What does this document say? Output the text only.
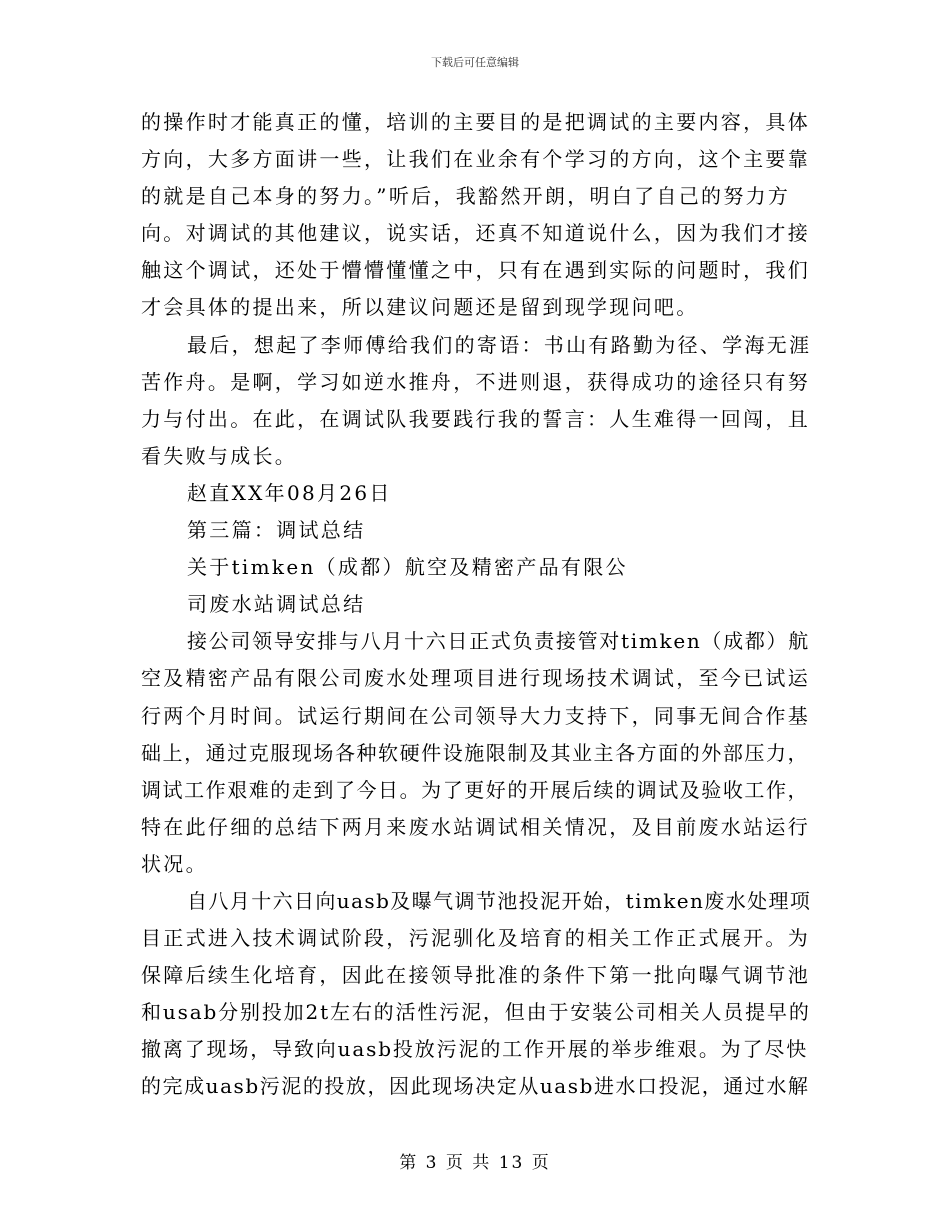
下载后可任意编辑
的操作时才能真正的懂，培训的主要目的是把调试的主要内容，具体
方向，大多方面讲一些，让我们在业余有个学习的方向，这个主要靠
的就是自己本身的努力。”听后，我豁然开朗，明白了自己的努力方
向。对调试的其他建议，说实话，还真不知道说什么，因为我们才接
触这个调试，还处于懵懵懂懂之中，只有在遇到实际的问题时，我们
才会具体的提出来，所以建议问题还是留到现学现问吧。
最后，想起了李师傅给我们的寄语：书山有路勤为径、学海无涯
苦作舟。是啊，学习如逆水推舟，不进则退，获得成功的途径只有努
力与付出。在此，在调试队我要践行我的誓言：人生难得一回闯，且
看失败与成长。
赵直XX年08月26日
第三篇：调试总结
关于timken（成都）航空及精密产品有限公
司废水站调试总结
接公司领导安排与八月十六日正式负责接管对timken（成都）航
空及精密产品有限公司废水处理项目进行现场技术调试，至今已试运
行两个月时间。试运行期间在公司领导大力支持下，同事无间合作基
础上，通过克服现场各种软硬件设施限制及其业主各方面的外部压力，
调试工作艰难的走到了今日。为了更好的开展后续的调试及验收工作，
特在此仔细的总结下两月来废水站调试相关情况，及目前废水站运行
状况。
自八月十六日向uasb及曝气调节池投泥开始，timken废水处理项
目正式进入技术调试阶段，污泥驯化及培育的相关工作正式展开。为
保障后续生化培育，因此在接领导批准的条件下第一批向曝气调节池
和usab分别投加2t左右的活性污泥，但由于安装公司相关人员提早的
撤离了现场，导致向uasb投放污泥的工作开展的举步维艰。为了尽快
的完成uasb污泥的投放，因此现场决定从uasb进水口投泥，通过水解
第 3 页 共 13 页
